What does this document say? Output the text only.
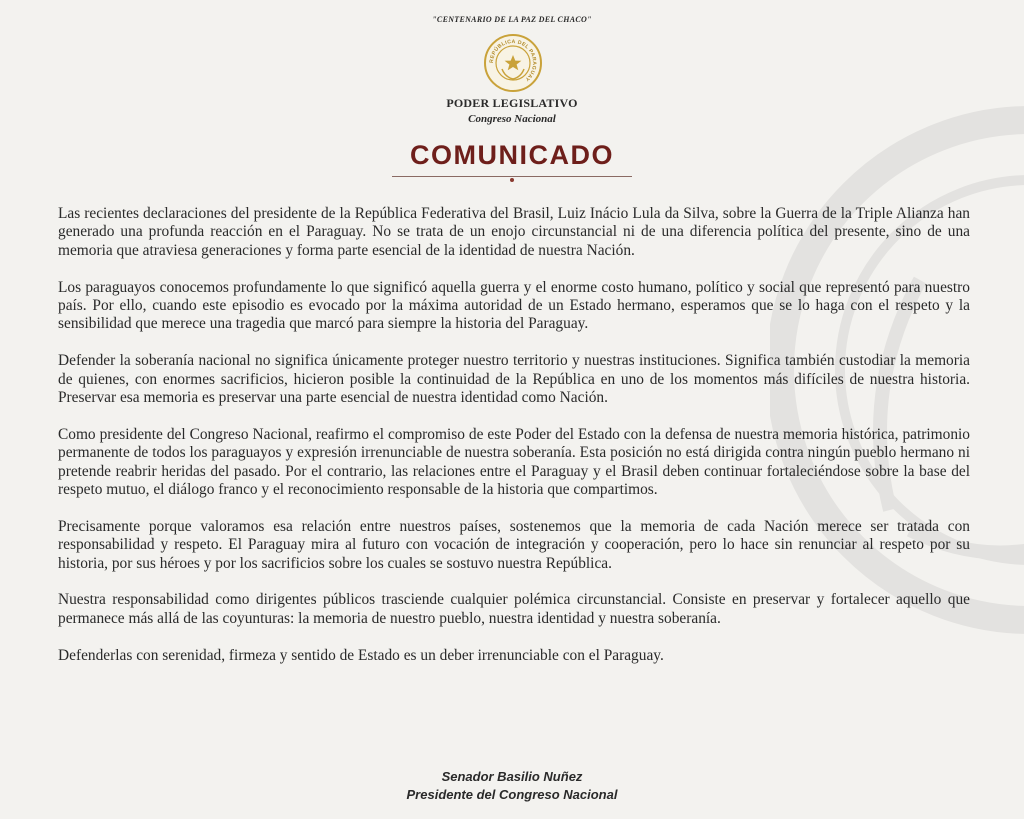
"CENTENARIO DE LA PAZ DEL CHACO"
REPÚBLICA DEL PARAGUAY
PODER LEGISLATIVO
Congreso Nacional
COMUNICADO

Las recientes declaraciones del presidente de la República Federativa del Brasil, Luiz Inácio Lula da Silva, sobre la Guerra de la Triple Alianza han generado una profunda reacción en el Paraguay. No se trata de un enojo circunstancial ni de una diferencia política del presente, sino de una memoria que atraviesa generaciones y forma parte esencial de la identidad de nuestra Nación.

Los paraguayos conocemos profundamente lo que significó aquella guerra y el enorme costo humano, político y social que representó para nuestro país. Por ello, cuando este episodio es evocado por la máxima autoridad de un Estado hermano, esperamos que se lo haga con el respeto y la sensibilidad que merece una tragedia que marcó para siempre la historia del Paraguay.

Defender la soberanía nacional no significa únicamente proteger nuestro territorio y nuestras instituciones. Significa también custodiar la memoria de quienes, con enormes sacrificios, hicieron posible la continuidad de la República en uno de los momentos más difíciles de nuestra historia. Preservar esa memoria es preservar una parte esencial de nuestra identidad como Nación.

Como presidente del Congreso Nacional, reafirmo el compromiso de este Poder del Estado con la defensa de nuestra memoria histórica, patrimonio permanente de todos los paraguayos y expresión irrenunciable de nuestra soberanía. Esta posición no está dirigida contra ningún pueblo hermano ni pretende reabrir heridas del pasado. Por el contrario, las relaciones entre el Paraguay y el Brasil deben continuar fortaleciéndose sobre la base del respeto mutuo, el diálogo franco y el reconocimiento responsable de la historia que compartimos.

Precisamente porque valoramos esa relación entre nuestros países, sostenemos que la memoria de cada Nación merece ser tratada con responsabilidad y respeto. El Paraguay mira al futuro con vocación de integración y cooperación, pero lo hace sin renunciar al respeto por su historia, por sus héroes y por los sacrificios sobre los cuales se sostuvo nuestra República.

Nuestra responsabilidad como dirigentes públicos trasciende cualquier polémica circunstancial. Consiste en preservar y fortalecer aquello que permanece más allá de las coyunturas: la memoria de nuestro pueblo, nuestra identidad y nuestra soberanía.

Defenderlas con serenidad, firmeza y sentido de Estado es un deber irrenunciable con el Paraguay.

Senador Basilio Nuñez
Presidente del Congreso Nacional
